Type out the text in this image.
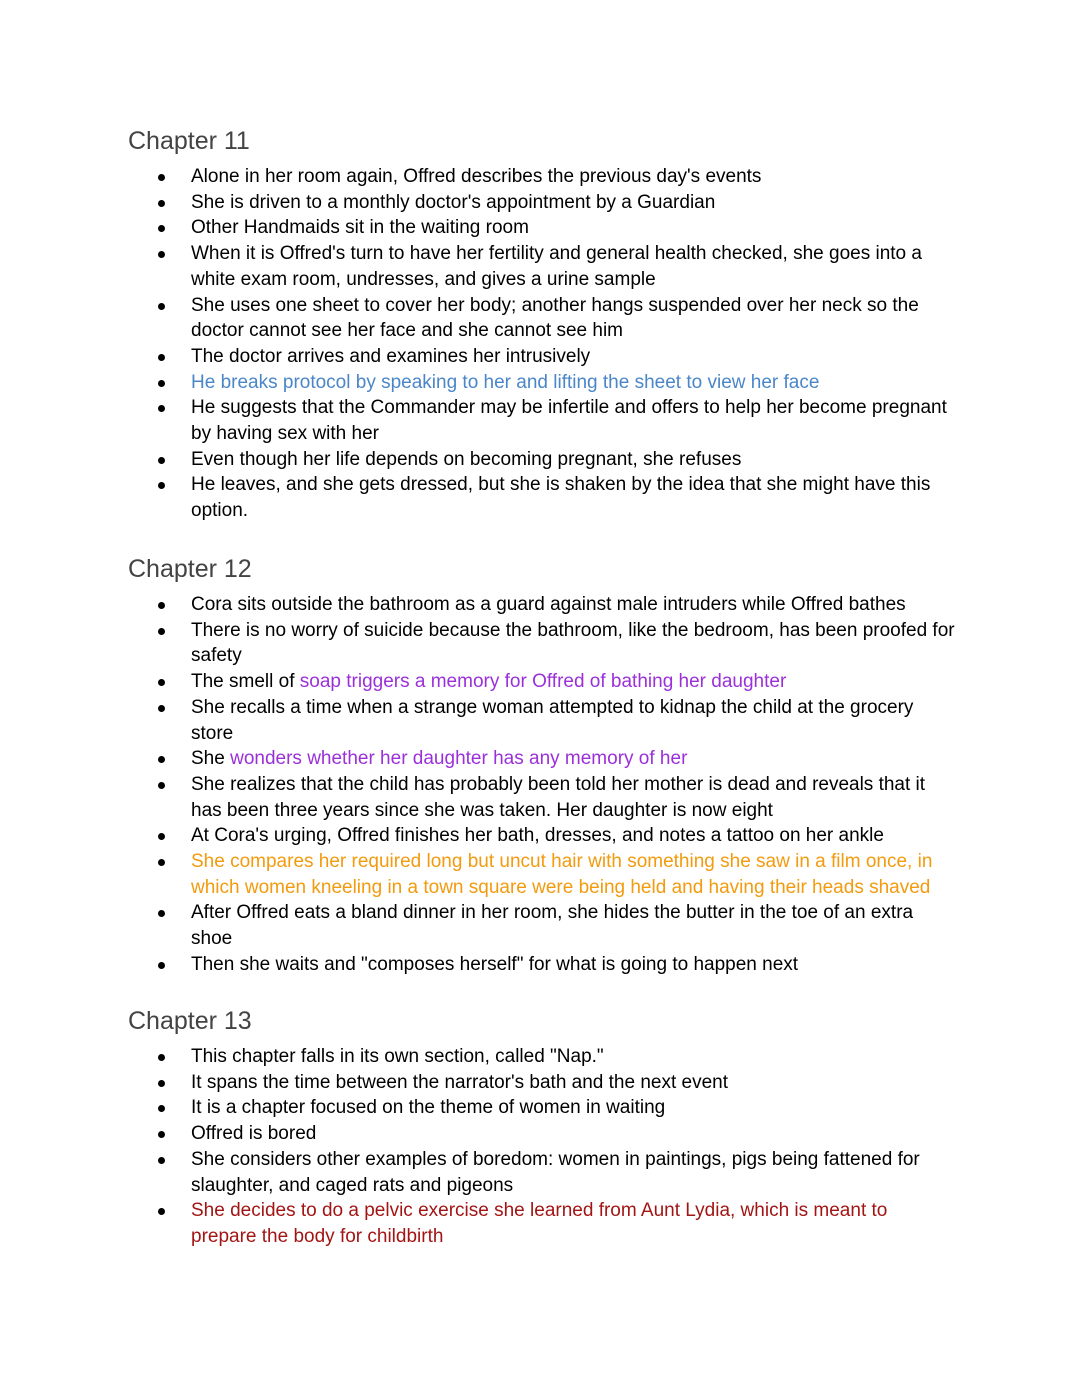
Chapter 11
Alone in her room again, Offred describes the previous day's events
She is driven to a monthly doctor's appointment by a Guardian
Other Handmaids sit in the waiting room
When it is Offred's turn to have her fertility and general health checked, she goes into a white exam room, undresses, and gives a urine sample
She uses one sheet to cover her body; another hangs suspended over her neck so the doctor cannot see her face and she cannot see him
The doctor arrives and examines her intrusively
He breaks protocol by speaking to her and lifting the sheet to view her face
He suggests that the Commander may be infertile and offers to help her become pregnant by having sex with her
Even though her life depends on becoming pregnant, she refuses
He leaves, and she gets dressed, but she is shaken by the idea that she might have this option.
Chapter 12
Cora sits outside the bathroom as a guard against male intruders while Offred bathes
There is no worry of suicide because the bathroom, like the bedroom, has been proofed for safety
The smell of soap triggers a memory for Offred of bathing her daughter
She recalls a time when a strange woman attempted to kidnap the child at the grocery store
She wonders whether her daughter has any memory of her
She realizes that the child has probably been told her mother is dead and reveals that it has been three years since she was taken. Her daughter is now eight
At Cora's urging, Offred finishes her bath, dresses, and notes a tattoo on her ankle
She compares her required long but uncut hair with something she saw in a film once, in which women kneeling in a town square were being held and having their heads shaved
After Offred eats a bland dinner in her room, she hides the butter in the toe of an extra shoe
Then she waits and "composes herself" for what is going to happen next
Chapter 13
This chapter falls in its own section, called "Nap."
It spans the time between the narrator's bath and the next event
It is a chapter focused on the theme of women in waiting
Offred is bored
She considers other examples of boredom: women in paintings, pigs being fattened for slaughter, and caged rats and pigeons
She decides to do a pelvic exercise she learned from Aunt Lydia, which is meant to prepare the body for childbirth
